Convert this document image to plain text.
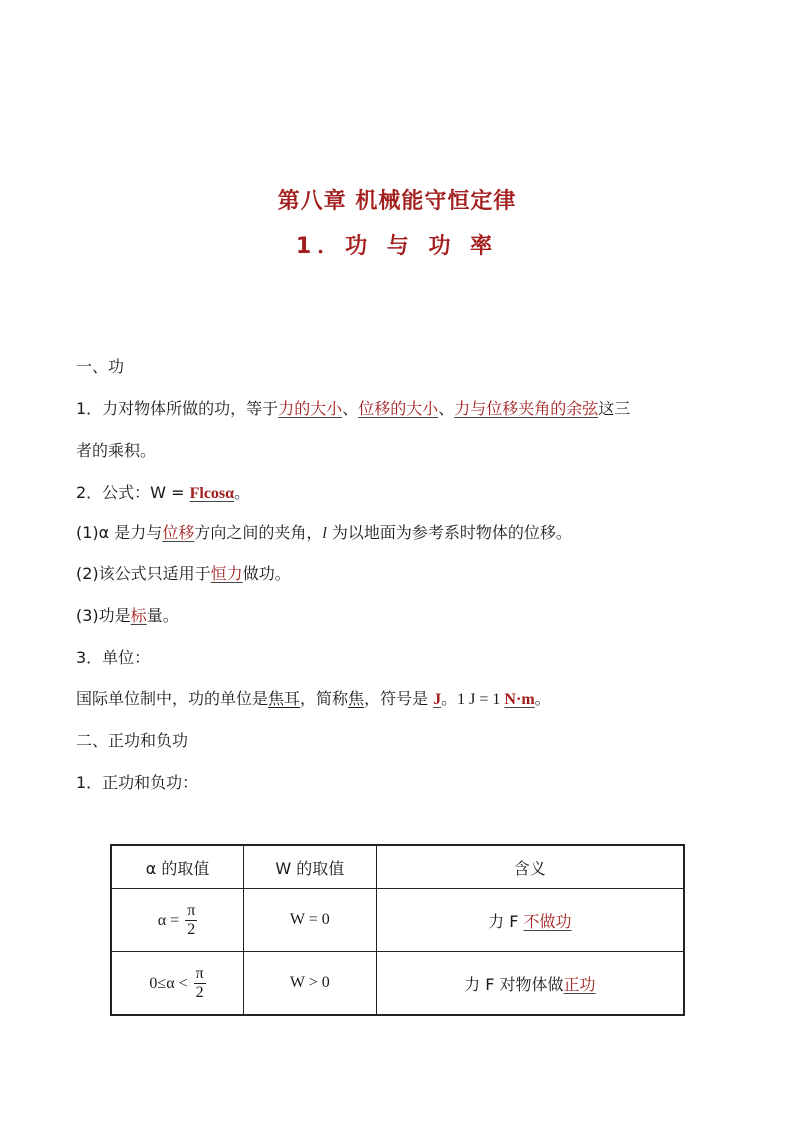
第八章 机械能守恒定律
1．功 与 功 率
一、功
1．力对物体所做的功，等于力的大小、位移的大小、力与位移夹角的余弦这三
者的乘积。
2．公式：W = Flcosα。
(1)α 是力与位移方向之间的夹角，l 为以地面为参考系时物体的位移。
(2)该公式只适用于恒力做功。
(3)功是标量。
3．单位：
国际单位制中，功的单位是焦耳，简称焦，符号是 J。1 J = 1 N·m。
二、正功和负功
1．正功和负功：
α 的取值	W 的取值	含义
$\alpha = \frac{\pi}{2}$	W = 0	力 F 不做功
$0\le\alpha < \frac{\pi}{2}$	W > 0	力 F 对物体做正功
